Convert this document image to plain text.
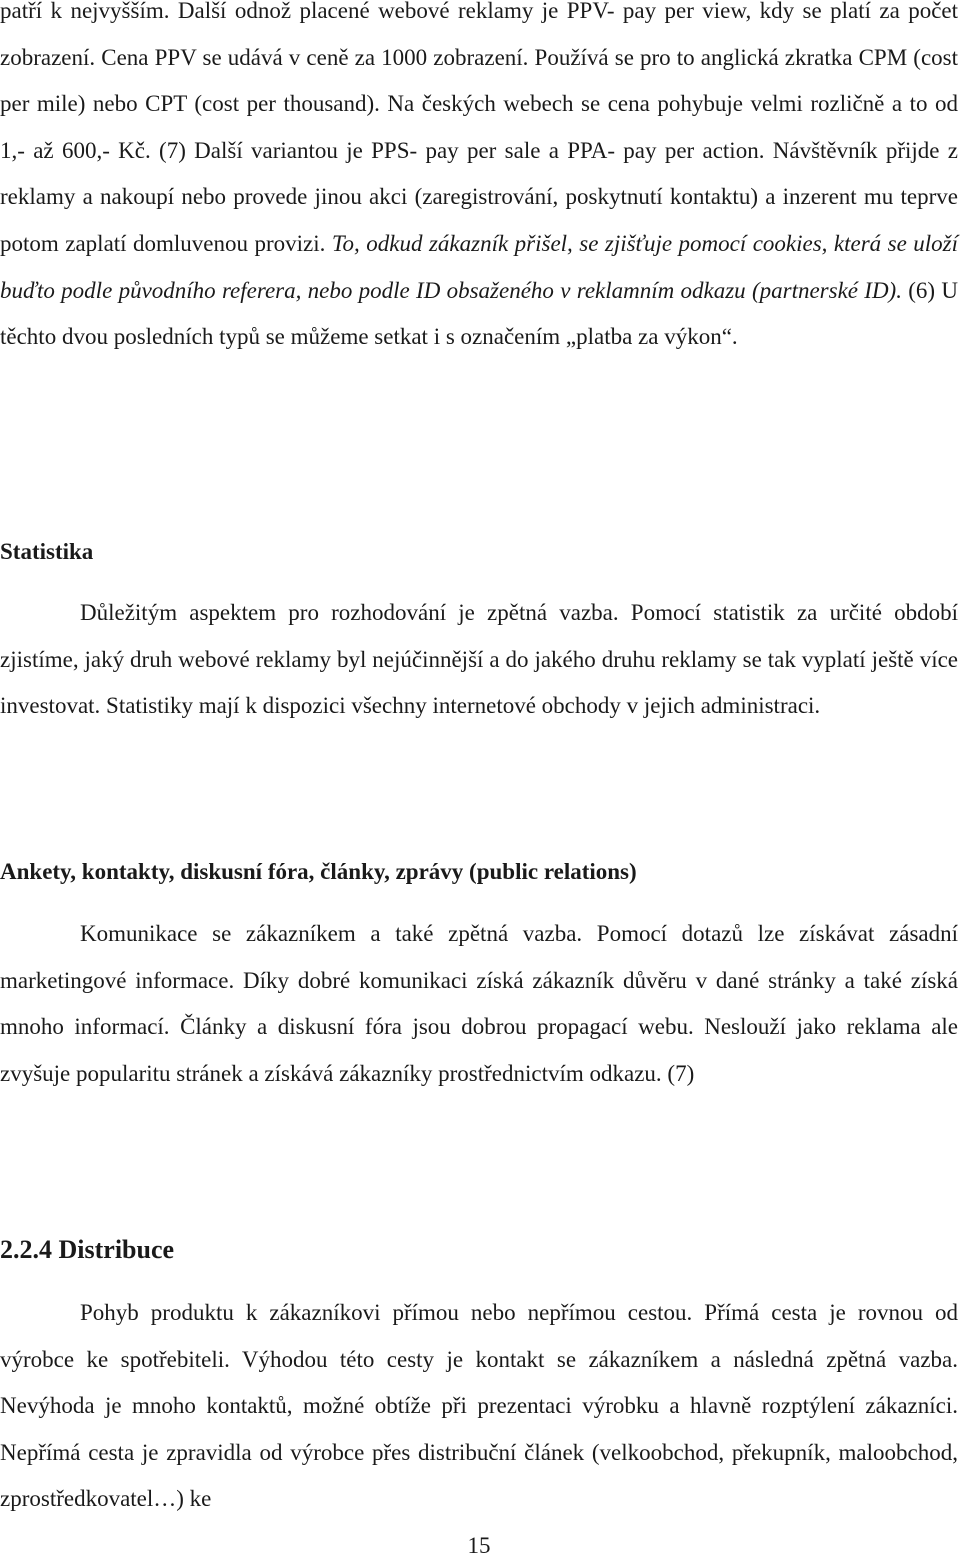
patří k nejvyšším. Další odnož placené webové reklamy je PPV- pay per view, kdy se platí za počet zobrazení. Cena PPV se udává v ceně za 1000 zobrazení. Používá se pro to anglická zkratka CPM (cost per mile) nebo CPT (cost per thousand). Na českých webech se cena pohybuje velmi rozličně a to od 1,- až 600,- Kč. (7) Další variantou je PPS- pay per sale a PPA- pay per action. Návštěvník přijde z reklamy a nakoupí nebo provede jinou akci (zaregistrování, poskytnutí kontaktu) a inzerent mu teprve potom zaplatí domluvenou provizi. To, odkud zákazník přišel, se zjišťuje pomocí cookies, která se uloží buďto podle původního referera, nebo podle ID obsaženého v reklamním odkazu (partnerské ID). (6) U těchto dvou posledních typů se můžeme setkat i s označením „platba za výkon“.

Statistika

Důležitým aspektem pro rozhodování je zpětná vazba. Pomocí statistik za určité období zjistíme, jaký druh webové reklamy byl nejúčinnější a do jakého druhu reklamy se tak vyplatí ještě více investovat. Statistiky mají k dispozici všechny internetové obchody v jejich administraci.

Ankety, kontakty, diskusní fóra, články, zprávy (public relations)

Komunikace se zákazníkem a také zpětná vazba. Pomocí dotazů lze získávat zásadní marketingové informace. Díky dobré komunikaci získá zákazník důvěru v dané stránky a také získá mnoho informací. Články a diskusní fóra jsou dobrou propagací webu. Neslouží jako reklama ale zvyšuje popularitu stránek a získává zákazníky prostřednictvím odkazu. (7)

2.2.4 Distribuce

Pohyb produktu k zákazníkovi přímou nebo nepřímou cestou. Přímá cesta je rovnou od výrobce ke spotřebiteli. Výhodou této cesty je kontakt se zákazníkem a následná zpětná vazba. Nevýhoda je mnoho kontaktů, možné obtíže při prezentaci výrobku a hlavně rozptýlení zákazníci. Nepřímá cesta je zpravidla od výrobce přes distribuční článek (velkoobchod, překupník, maloobchod, zprostředkovatel…) ke

15
